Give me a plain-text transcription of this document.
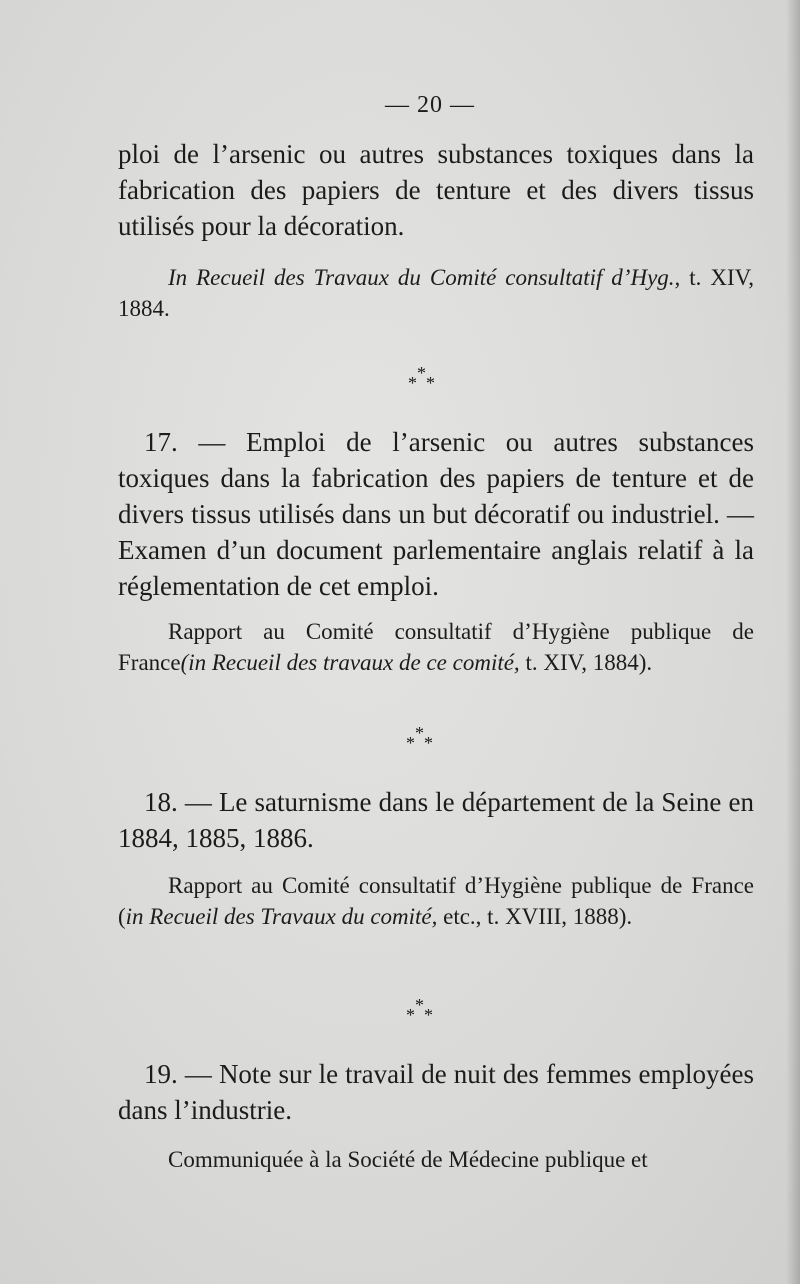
— 20 —

ploi de l’arsenic ou autres substances toxiques dans la fabrication des papiers de tenture et des divers tissus utilisés pour la décoration.

In Recueil des Travaux du Comité consultatif d’Hyg., t. XIV, 1884.

*
* *

17. — Emploi de l’arsenic ou autres substances toxiques dans la fabrication des papiers de tenture et de divers tissus utilisés dans un but décoratif ou industriel. — Examen d’un document parlementaire anglais relatif à la réglementation de cet emploi.

Rapport au Comité consultatif d’Hygiène publique de France(in Recueil des travaux de ce comité, t. XIV, 1884).

*
* *

18. — Le saturnisme dans le département de la Seine en 1884, 1885, 1886.

Rapport au Comité consultatif d’Hygiène publique de France (in Recueil des Travaux du comité, etc., t. XVIII, 1888).

*
* *

19. — Note sur le travail de nuit des femmes employées dans l’industrie.

Communiquée à la Société de Médecine publique et
